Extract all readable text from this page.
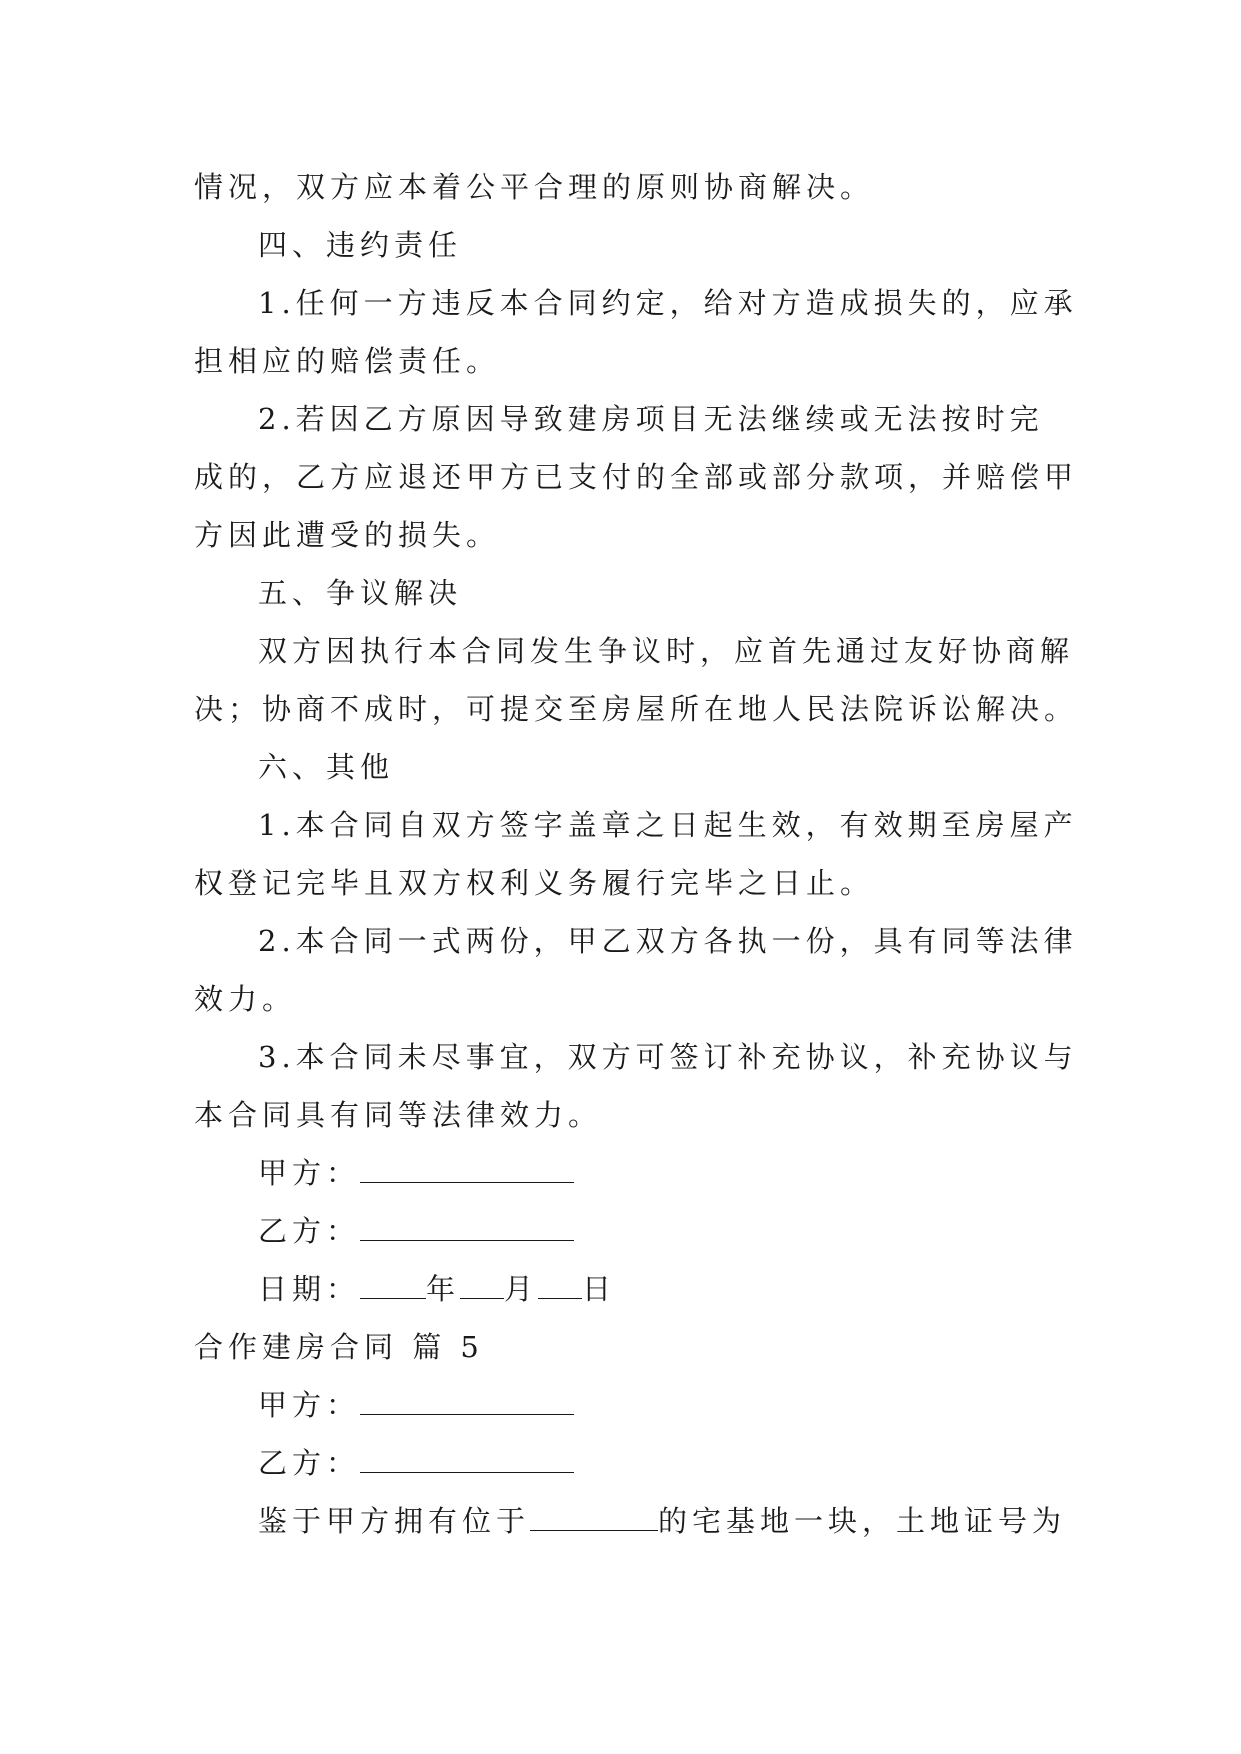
情况，双方应本着公平合理的原则协商解决。
四、违约责任
1.任何一方违反本合同约定，给对方造成损失的，应承
担相应的赔偿责任。
2.若因乙方原因导致建房项目无法继续或无法按时完
成的，乙方应退还甲方已支付的全部或部分款项，并赔偿甲
方因此遭受的损失。
五、争议解决
双方因执行本合同发生争议时，应首先通过友好协商解
决；协商不成时，可提交至房屋所在地人民法院诉讼解决。
六、其他
1.本合同自双方签字盖章之日起生效，有效期至房屋产
权登记完毕且双方权利义务履行完毕之日止。
2.本合同一式两份，甲乙双方各执一份，具有同等法律
效力。
3.本合同未尽事宜，双方可签订补充协议，补充协议与
本合同具有同等法律效力。
甲方：
乙方：
日期： 年 月 日
合作建房合同 篇 5
甲方：
乙方：
鉴于甲方拥有位于	的宅基地一块，土地证号为
